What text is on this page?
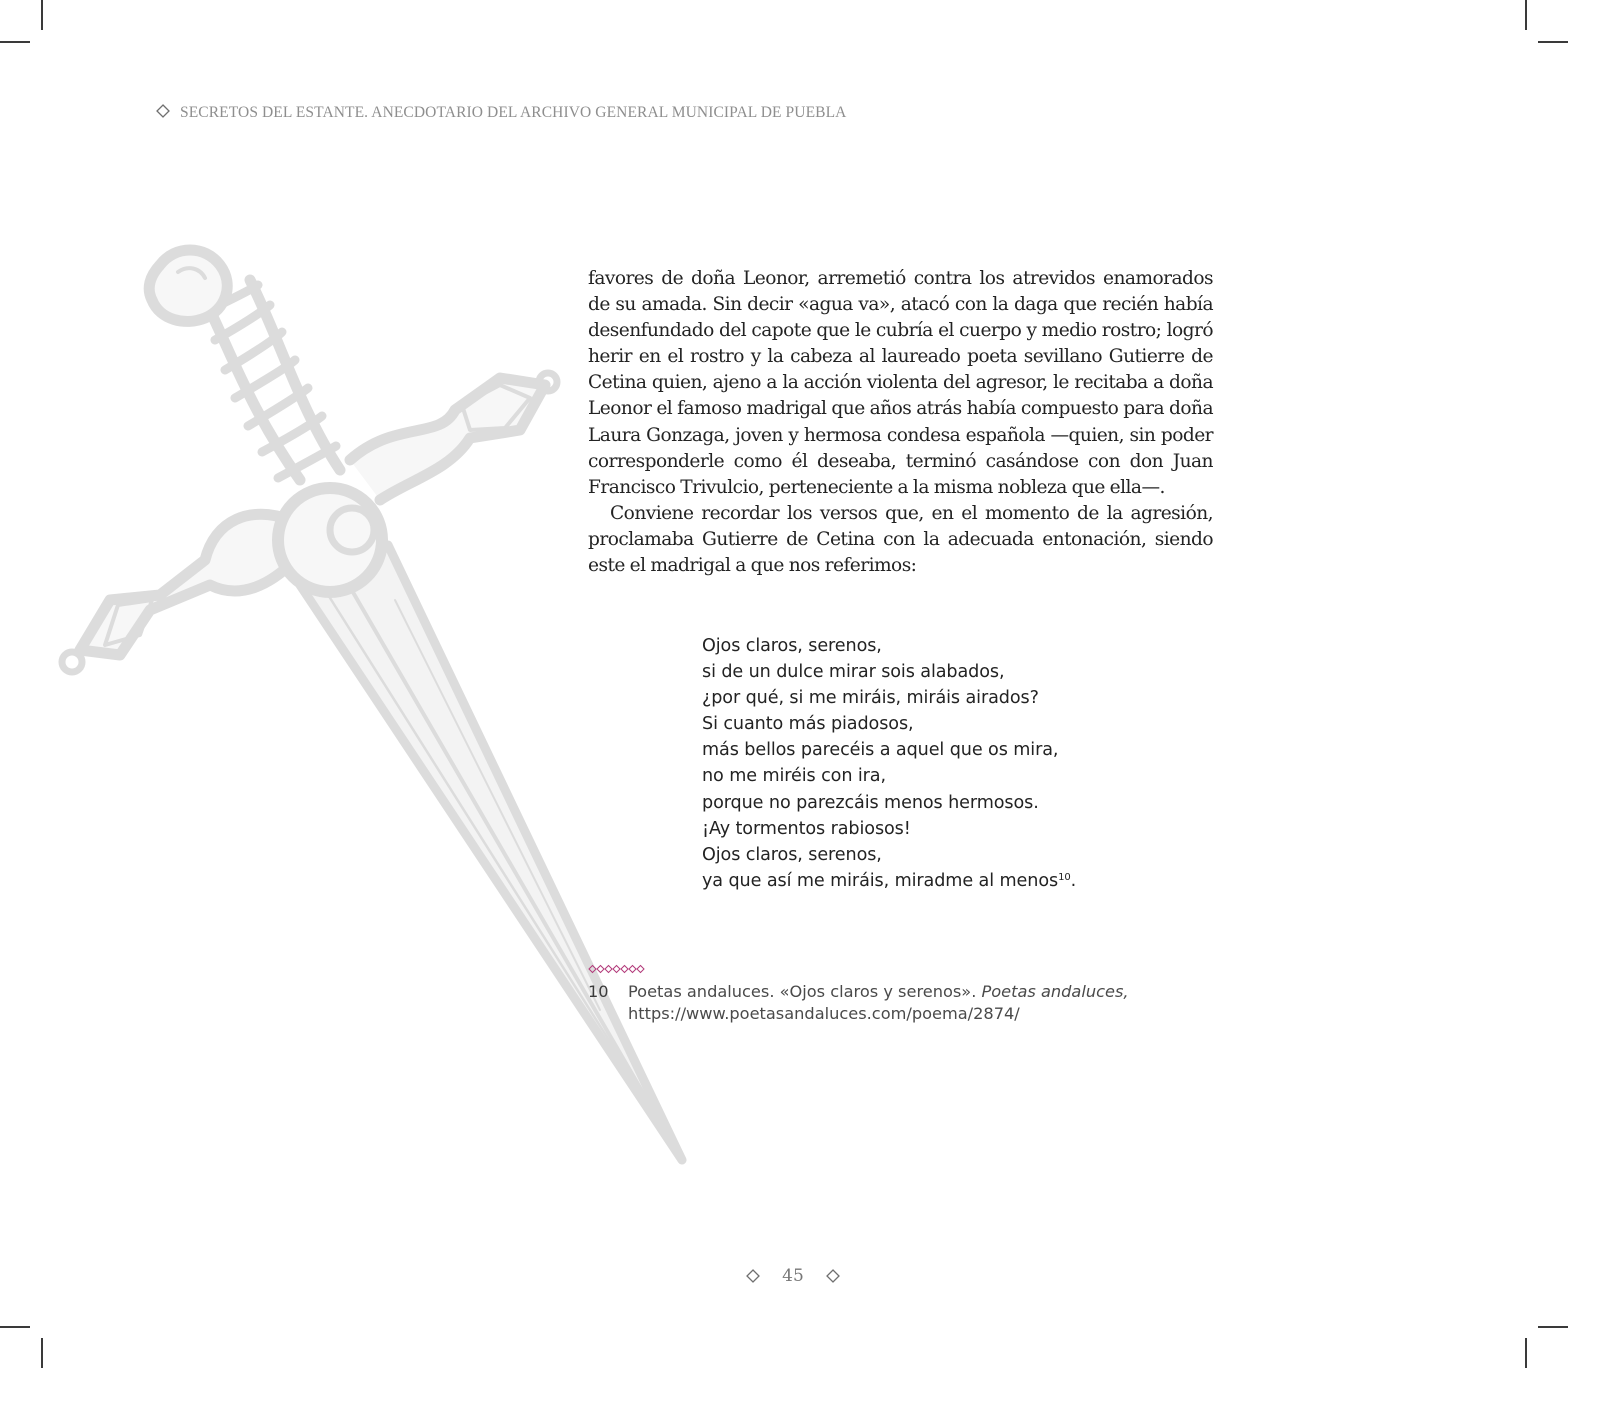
SECRETOS DEL ESTANTE. ANECDOTARIO DEL ARCHIVO GENERAL MUNICIPAL DE PUEBLA

favores de doña Leonor, arremetió contra los atrevidos enamorados de su amada. Sin decir «agua va», atacó con la daga que recién había desenfundado del capote que le cubría el cuerpo y medio rostro; logró herir en el rostro y la cabeza al laureado poeta sevillano Gutierre de Cetina quien, ajeno a la acción violenta del agresor, le recitaba a doña Leonor el famoso madrigal que años atrás había compuesto para doña Laura Gonzaga, joven y hermosa condesa española —quien, sin poder corresponderle como él deseaba, terminó casándose con don Juan Francisco Trivulcio, perteneciente a la misma nobleza que ella—.

Conviene recordar los versos que, en el momento de la agresión, proclamaba Gutierre de Cetina con la adecuada entonación, siendo este el madrigal a que nos referimos:

Ojos claros, serenos,
si de un dulce mirar sois alabados,
¿por qué, si me miráis, miráis airados?
Si cuanto más piadosos,
más bellos parecéis a aquel que os mira,
no me miréis con ira,
porque no parezcáis menos hermosos.
¡Ay tormentos rabiosos!
Ojos claros, serenos,
ya que así me miráis, miradme al menos$^{10}$.
10 Poetas andaluces. «Ojos claros y serenos». Poetas andaluces, https://www.poetasandaluces.com/poema/2874/
45
